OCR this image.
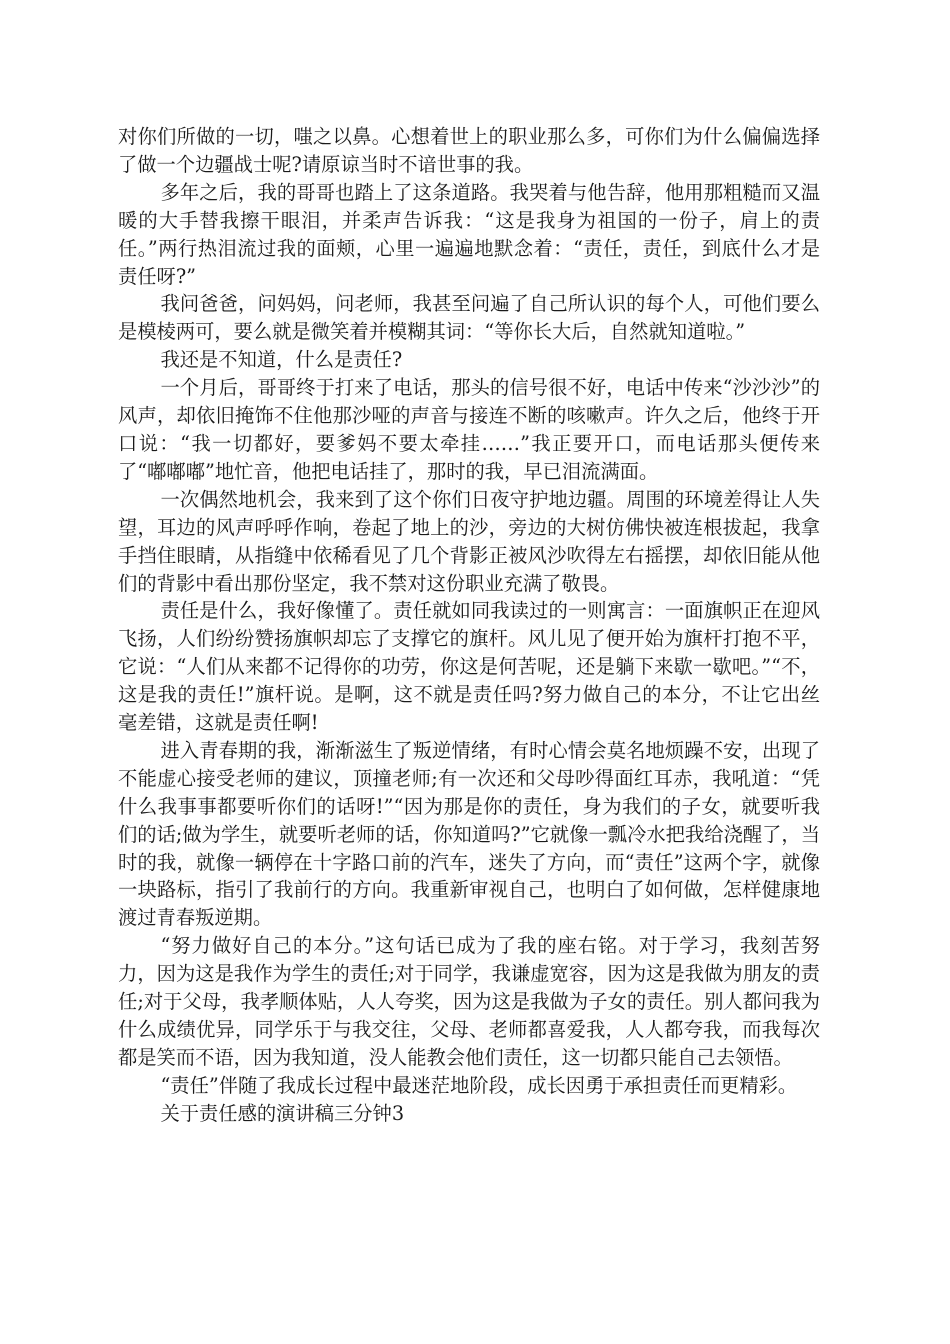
对你们所做的一切，嗤之以鼻。心想着世上的职业那么多，可你们为什么偏偏选择了做一个边疆战士呢?请原谅当时不谙世事的我。

多年之后，我的哥哥也踏上了这条道路。我哭着与他告辞，他用那粗糙而又温暖的大手替我擦干眼泪，并柔声告诉我：“这是我身为祖国的一份子，肩上的责任。”两行热泪流过我的面颊，心里一遍遍地默念着：“责任，责任，到底什么才是责任呀?”

我问爸爸，问妈妈，问老师，我甚至问遍了自己所认识的每个人，可他们要么是模棱两可，要么就是微笑着并模糊其词：“等你长大后，自然就知道啦。”

我还是不知道，什么是责任?

一个月后，哥哥终于打来了电话，那头的信号很不好，电话中传来“沙沙沙”的风声，却依旧掩饰不住他那沙哑的声音与接连不断的咳嗽声。许久之后，他终于开口说：“我一切都好，要爹妈不要太牵挂……”我正要开口，而电话那头便传来了“嘟嘟嘟”地忙音，他把电话挂了，那时的我，早已泪流满面。

一次偶然地机会，我来到了这个你们日夜守护地边疆。周围的环境差得让人失望，耳边的风声呼呼作响，卷起了地上的沙，旁边的大树仿佛快被连根拔起，我拿手挡住眼睛，从指缝中依稀看见了几个背影正被风沙吹得左右摇摆，却依旧能从他们的背影中看出那份坚定，我不禁对这份职业充满了敬畏。

责任是什么，我好像懂了。责任就如同我读过的一则寓言：一面旗帜正在迎风飞扬，人们纷纷赞扬旗帜却忘了支撑它的旗杆。风儿见了便开始为旗杆打抱不平，它说：“人们从来都不记得你的功劳，你这是何苦呢，还是躺下来歇一歇吧。”“不，这是我的责任!”旗杆说。是啊，这不就是责任吗?努力做自己的本分，不让它出丝毫差错，这就是责任啊!

进入青春期的我，渐渐滋生了叛逆情绪，有时心情会莫名地烦躁不安，出现了不能虚心接受老师的建议，顶撞老师;有一次还和父母吵得面红耳赤，我吼道：“凭什么我事事都要听你们的话呀!”“因为那是你的责任，身为我们的子女，就要听我们的话;做为学生，就要听老师的话，你知道吗?”它就像一瓢冷水把我给浇醒了，当时的我，就像一辆停在十字路口前的汽车，迷失了方向，而“责任”这两个字，就像一块路标，指引了我前行的方向。我重新审视自己，也明白了如何做，怎样健康地渡过青春叛逆期。

“努力做好自己的本分。”这句话已成为了我的座右铭。对于学习，我刻苦努力，因为这是我作为学生的责任;对于同学，我谦虚宽容，因为这是我做为朋友的责任;对于父母，我孝顺体贴，人人夸奖，因为这是我做为子女的责任。别人都问我为什么成绩优异，同学乐于与我交往，父母、老师都喜爱我，人人都夸我，而我每次都是笑而不语，因为我知道，没人能教会他们责任，这一切都只能自己去领悟。

“责任”伴随了我成长过程中最迷茫地阶段，成长因勇于承担责任而更精彩。

关于责任感的演讲稿三分钟3
